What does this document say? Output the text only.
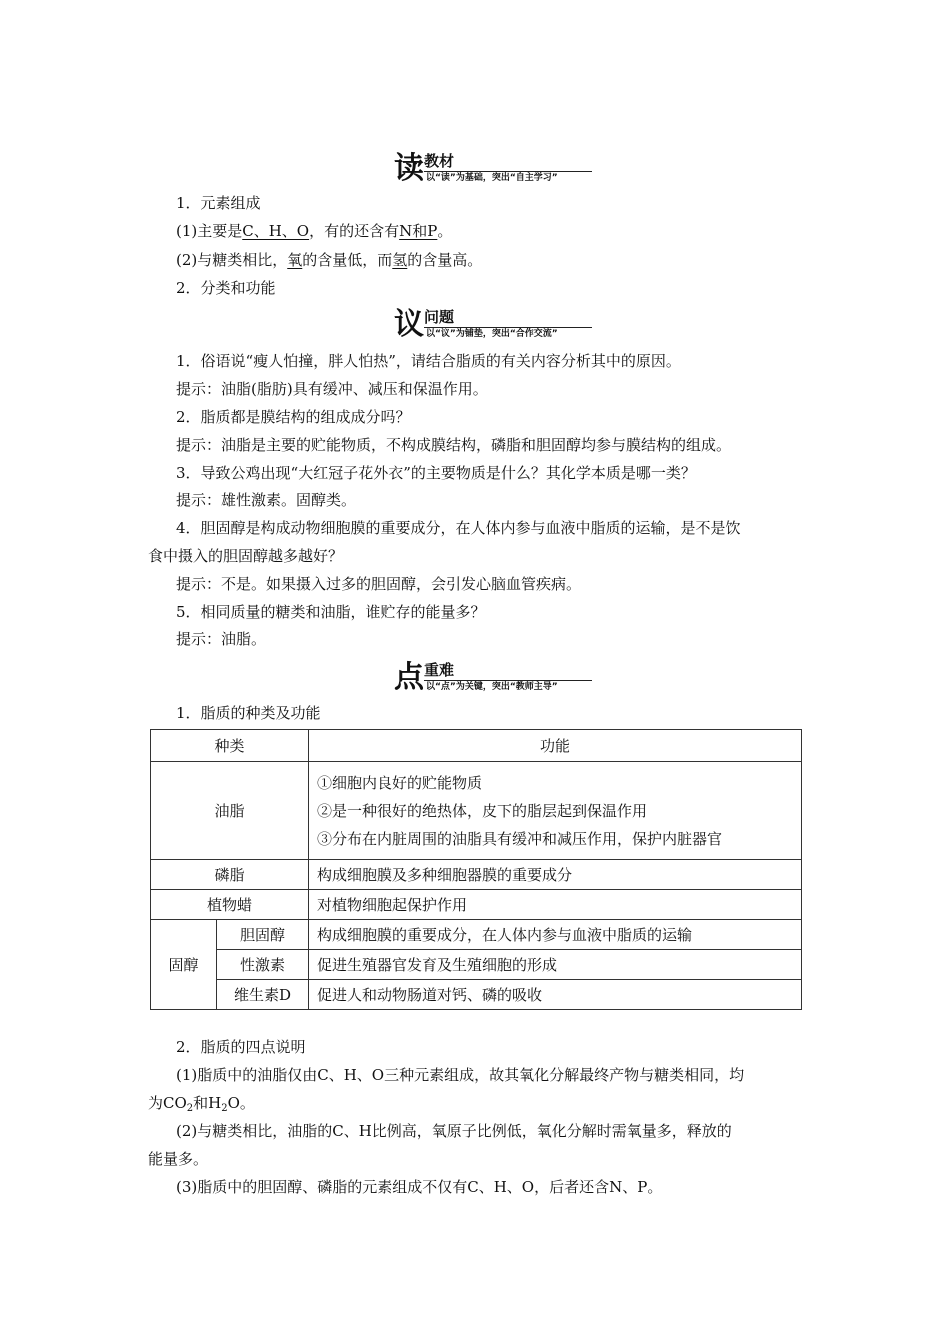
读 教材
以“读”为基础，突出“自主学习”
1．元素组成
(1)主要是C、H、O，有的还含有N和P。
(2)与糖类相比，氧的含量低，而氢的含量高。
2．分类和功能
议 问题
以“议”为铺垫，突出“合作交流”
1．俗语说“瘦人怕撞，胖人怕热”，请结合脂质的有关内容分析其中的原因。
提示：油脂(脂肪)具有缓冲、减压和保温作用。
2．脂质都是膜结构的组成成分吗？
提示：油脂是主要的贮能物质，不构成膜结构，磷脂和胆固醇均参与膜结构的组成。
3．导致公鸡出现“大红冠子花外衣”的主要物质是什么？其化学本质是哪一类？
提示：雄性激素。固醇类。
4．胆固醇是构成动物细胞膜的重要成分，在人体内参与血液中脂质的运输，是不是饮
食中摄入的胆固醇越多越好？
提示：不是。如果摄入过多的胆固醇，会引发心脑血管疾病。
5．相同质量的糖类和油脂，谁贮存的能量多？
提示：油脂。
点 重难
以“点”为关键，突出“教师主导”
1．脂质的种类及功能
种类		功能
油脂		①细胞内良好的贮能物质
②是一种很好的绝热体，皮下的脂层起到保温作用
③分布在内脏周围的油脂具有缓冲和减压作用，保护内脏器官

磷脂		构成细胞膜及多种细胞器膜的重要成分
植物蜡		对植物细胞起保护作用
固醇	胆固醇	构成细胞膜的重要成分，在人体内参与血液中脂质的运输
	性激素	促进生殖器官发育及生殖细胞的形成
	维生素D	促进人和动物肠道对钙、磷的吸收
2．脂质的四点说明
(1)脂质中的油脂仅由C、H、O三种元素组成，故其氧化分解最终产物与糖类相同，均
为$CO_2$和$H_2O$。
(2)与糖类相比，油脂的C、H比例高，氧原子比例低，氧化分解时需氧量多，释放的
能量多。
(3)脂质中的胆固醇、磷脂的元素组成不仅有C、H、O，后者还含N、P。
